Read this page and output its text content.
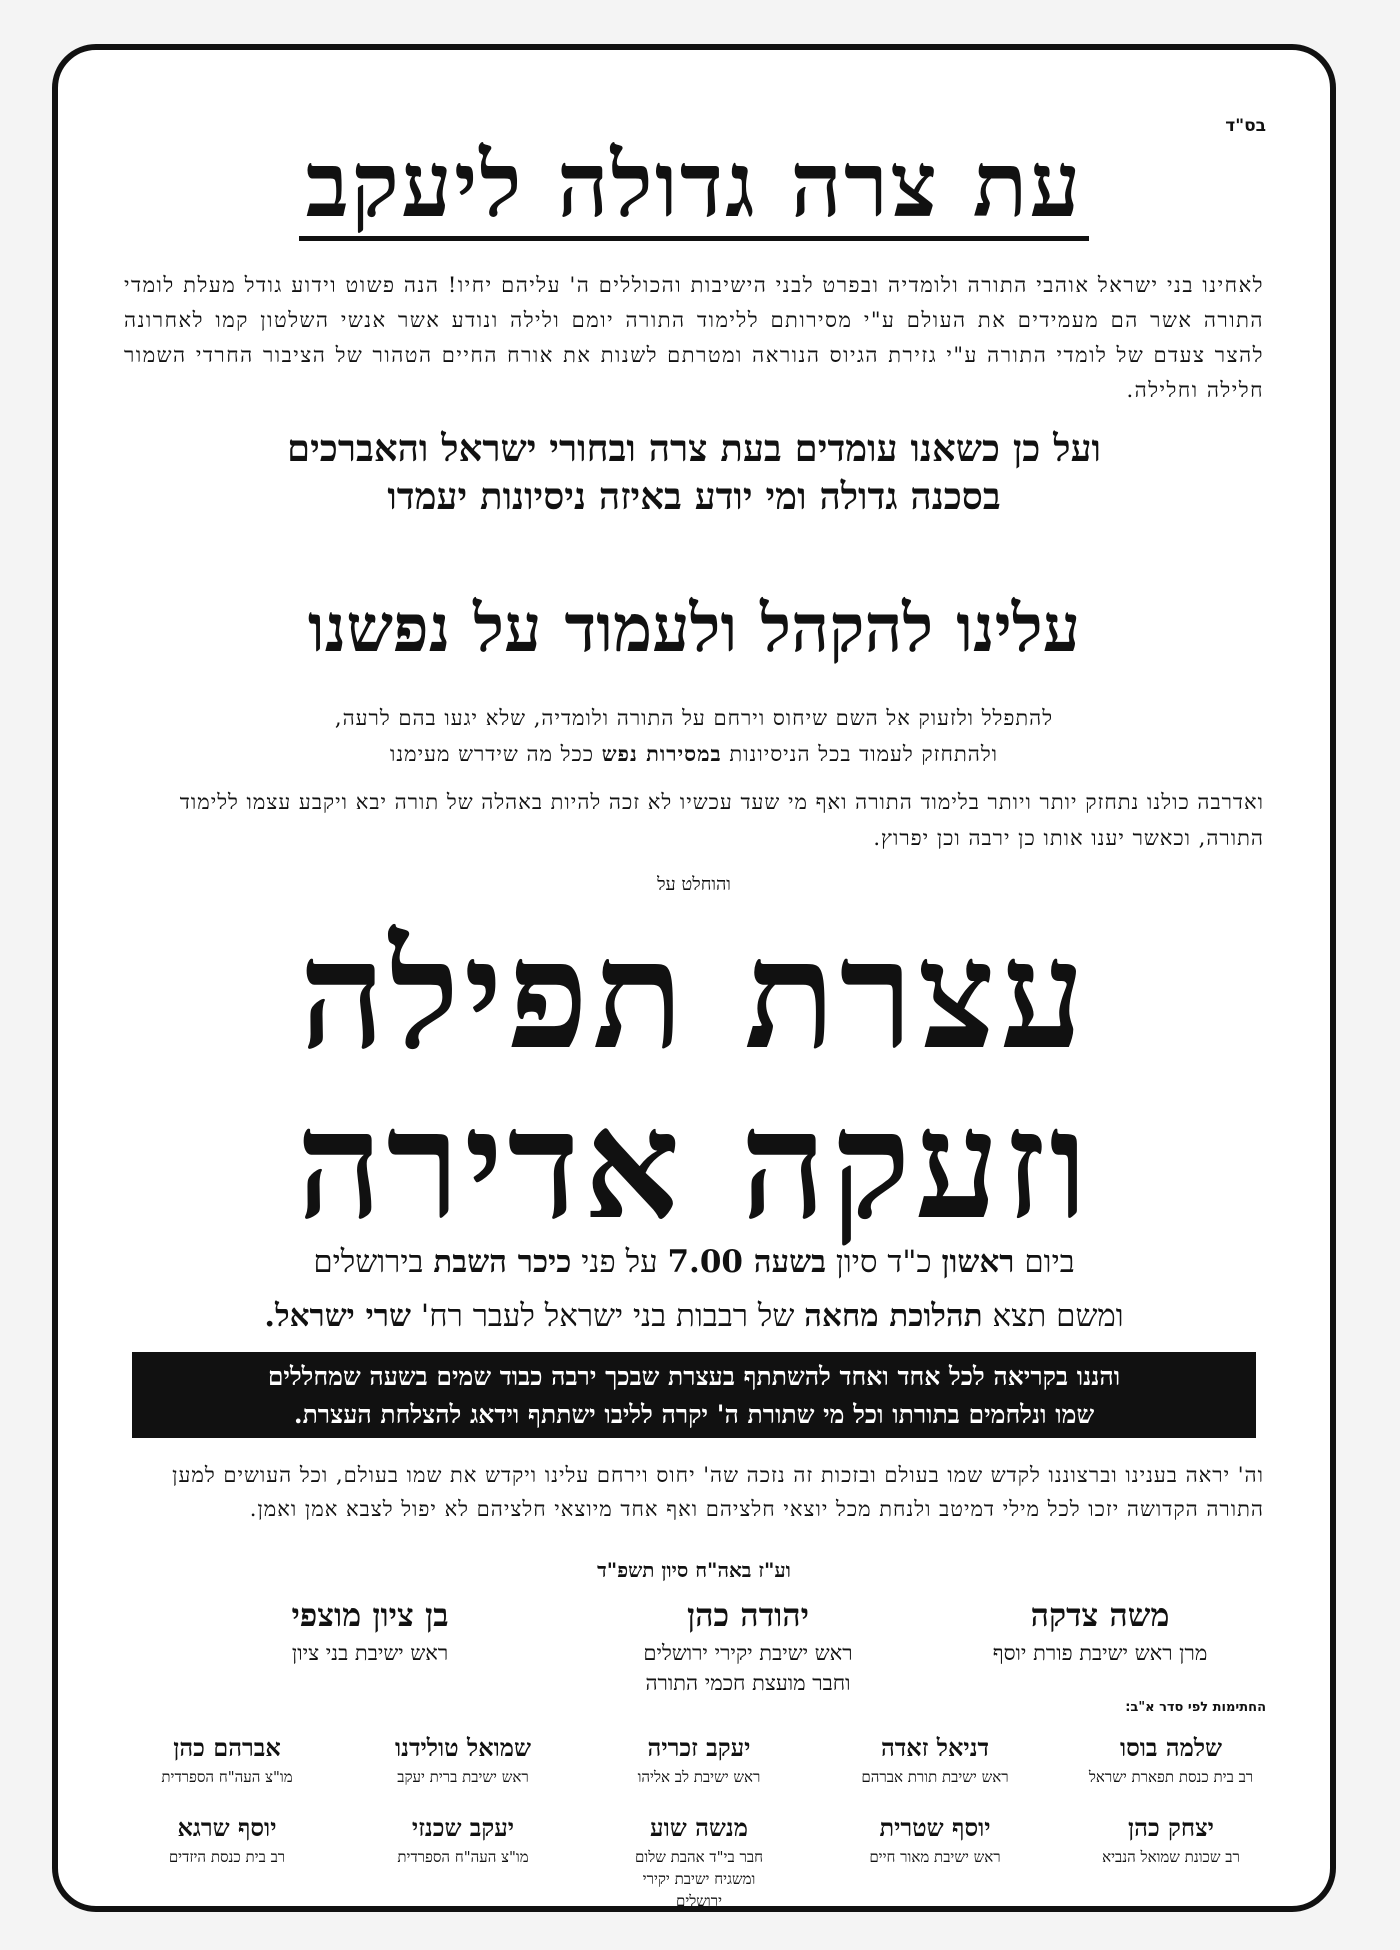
בס"ד
עת צרה גדולה ליעקב
לאחינו בני ישראל אוהבי התורה ולומדיה ובפרט לבני הישיבות והכוללים ה' עליהם יחיו! הנה פשוט וידוע גודל מעלת לומדי התורה אשר הם מעמידים את העולם ע"י מסירותם ללימוד התורה יומם ולילה ונודע אשר אנשי השלטון קמו לאחרונה להצר צעדם של לומדי התורה ע"י גזירת הגיוס הנוראה ומטרתם לשנות את אורח החיים הטהור של הציבור החרדי השמור חלילה וחלילה.
ועל כן כשאנו עומדים בעת צרה ובחורי ישראל והאברכים
בסכנה גדולה ומי יודע באיזה ניסיונות יעמדו
עלינו להקהל ולעמוד על נפשנו

להתפלל ולזעוק אל השם שיחוס וירחם על התורה ולומדיה, שלא יגעו בהם לרעה,

ולהתחזק לעמוד בכל הניסיונות במסירות נפש ככל מה שידרש מעימנו

ואדרבה כולנו נתחזק יותר ויותר בלימוד התורה ואף מי שעד עכשיו לא זכה להיות באהלה של תורה יבא ויקבע עצמו ללימוד התורה, וכאשר יענו אותו כן ירבה וכן יפרוץ.

והוחלט על
עצרת תפילה
וזעקה אדירה
ביום ראשון כ"ד סיון בשעה 7.00 על פני כיכר השבת בירושלים
ומשם תצא תהלוכת מחאה של רבבות בני ישראל לעבר רח' שרי ישראל.
והננו בקריאה לכל אחד ואחד להשתתף בעצרת שבכך ירבה כבוד שמים בשעה שמחללים
שמו ונלחמים בתורתו וכל מי שתורת ה' יקרה לליבו ישתתף וידאג להצלחת העצרת.
וה' יראה בענינו וברצוננו לקדש שמו בעולם ובזכות זה נזכה שה' יחוס וירחם עלינו ויקדש את שמו בעולם, וכל העושים למען התורה הקדושה יזכו לכל מילי דמיטב ולנחת מכל יוצאי חלציהם ואף אחד מיוצאי חלציהם לא יפול לצבא אמן ואמן.
וע"ז באה"ח סיון תשפ"ד
משה צדקה
מרן ראש ישיבת פורת יוסף
יהודה כהן
ראש ישיבת יקירי ירושלים
וחבר מועצת חכמי התורה
בן ציון מוצפי
ראש ישיבת בני ציון
החתימות לפי סדר א"ב:
שלמה בוסו
רב בית כנסת תפארת ישראל
דניאל זאדה
ראש ישיבת תורת אברהם
יעקב זכריה
ראש ישיבת לב אליהו
שמואל טולידנו
ראש ישיבת ברית יעקב
אברהם כהן
מו"צ העה"ח הספרדית
יצחק כהן
רב שכונת שמואל הנביא
יוסף שטרית
ראש ישיבת מאור חיים
מנשה שוע
חבר בי"ד אהבת שלום
ומשגיח ישיבת יקירי
ירושלים
יעקב שכנזי
מו"צ העה"ח הספרדית
יוסף שרגא
רב בית כנסת היזדים
